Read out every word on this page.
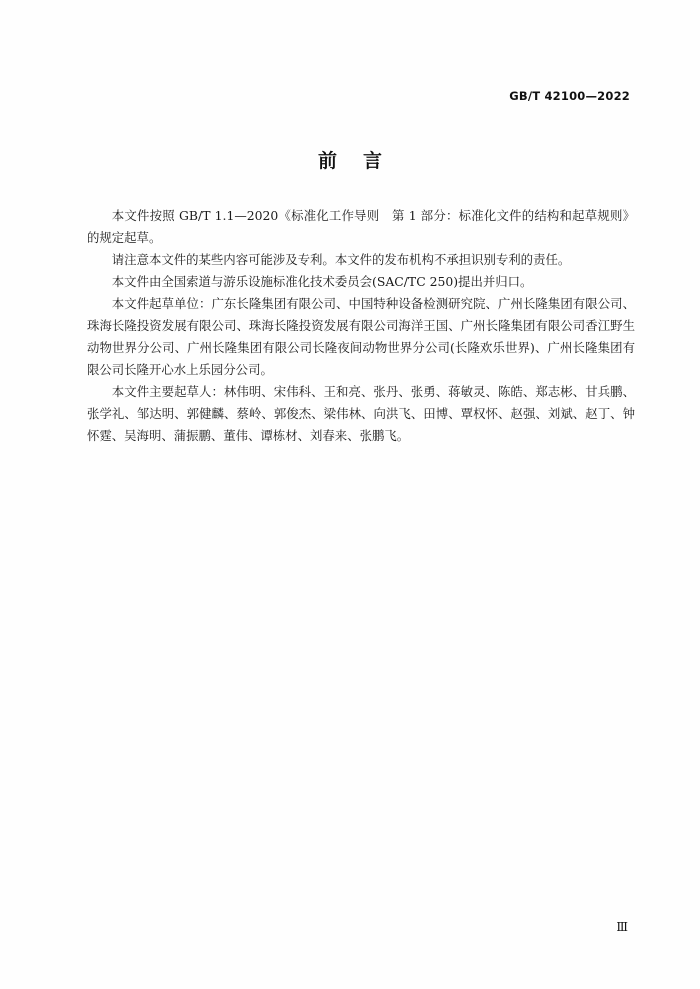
GB/T 42100—2022
前言

本文件按照 GB/T 1.1—2020《标准化工作导则　第 1 部分：标准化文件的结构和起草规则》的规定起草。

请注意本文件的某些内容可能涉及专利。本文件的发布机构不承担识别专利的责任。

本文件由全国索道与游乐设施标准化技术委员会(SAC/TC 250)提出并归口。

本文件起草单位：广东长隆集团有限公司、中国特种设备检测研究院、广州长隆集团有限公司、珠海长隆投资发展有限公司、珠海长隆投资发展有限公司海洋王国、广州长隆集团有限公司香江野生动物世界分公司、广州长隆集团有限公司长隆夜间动物世界分公司(长隆欢乐世界)、广州长隆集团有限公司长隆开心水上乐园分公司。

本文件主要起草人：林伟明、宋伟科、王和亮、张丹、张勇、蒋敏灵、陈皓、郑志彬、甘兵鹏、张学礼、邹达明、郭健麟、蔡岭、郭俊杰、梁伟林、向洪飞、田博、覃权怀、赵强、刘斌、赵丁、钟怀霆、吴海明、蒲振鹏、董伟、谭栋材、刘春来、张鹏飞。

Ⅲ
